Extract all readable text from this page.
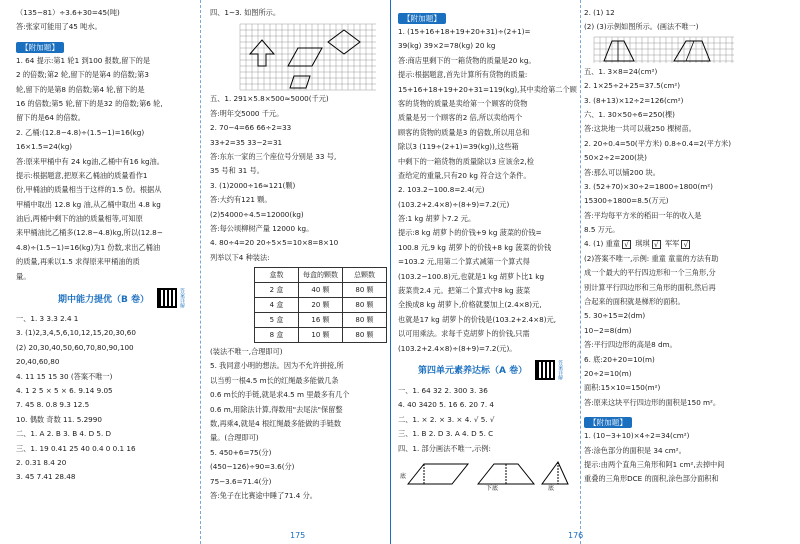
（135−81）÷3.6+30=45(吨)
答:张家可能用了45 吨水。
【附加题】
1. 64 提示:第1 轮1 到100 报数,留下的是
2 的倍数;第2 轮,留下的是第4 的倍数;第3
轮,留下的是第8 的倍数;第4 轮,留下的是
16 的倍数;第5 轮,留下的是32 的倍数;第6 轮,
留下的是64 的倍数。
2. 乙桶:(12.8−4.8)÷(1.5−1)=16(kg)
16×1.5=24(kg)
答:原来甲桶中有 24 kg油,乙桶中有16 kg油。
提示:根据题意,把原来乙桶油的质量看作1
份,甲桶油的质量相当于这样的1.5 份。根据从
甲桶中取出 12.8 kg 油,从乙桶中取出 4.8 kg
油后,两桶中剩下的油的质量相等,可知原
来甲桶油比乙桶多(12.8−4.8)kg,所以(12.8−
4.8)÷(1.5−1)=16(kg)为1 份数,求出乙桶油
的质量,再乘以1.5 求得原来甲桶油的质
量。
期中能力提优（B 卷）	答案详解
一、1. 3 3.3 2.4 1
3. (1)2,3,4,5,6,10,12,15,20,30,60
(2) 20,30,40,50,60,70,80,90,100
20,40,60,80
4. 11 15 15 30 (答案不唯一)
4. 1 2 5 × 5 × 6. 9.14 9.05
7. 45 8. 0.8 9.3 12.5
10. 偶数 奇数 11. 5.2990
二、1. A 2. B 3. B 4. D 5. D
三、1. 19 0.41 25 40 0.4 0 0.1 16
2. 0.31 8.4 20
3. 45 7.41 28.48
四、1~3. 如图所示。
五、1. 291×5.8×500≈5000(千元)
答:明年交5000 千元。
2. 70−4=66 66÷2=33
33+2=35 33−2=31
答:东东一家的三个座位号分别是 33 号,
35 号和 31 号。
3. (1)2000÷16≈121(颗)
答:大约有121 颗。
(2)54000÷4.5=12000(kg)
答:每公顷柳树产量 12000 kg。
4. 80÷4=20 20÷5×5=10×8=8×10
列举以下4 种装法:
盒数	每盒的颗数	总颗数
2 盒	40 颗	80 颗
4 盒	20 颗	80 颗
5 盒	16 颗	80 颗
8 盒	10 颗	80 颗
(装法不唯一,合理即可)
5. 我同意小明的想法。因为不允许拼接,所
以当剪一根4.5 m长的红绳最多能做几条
0.6 m长的手链,就是求4.5 m 里最多有几个
0.6 m,用除法计算,得数用"去尾法"保留整
数,再乘4,就是4 根红绳最多能做的手链数
量。(合理即可)
5. 450+6=75(分)
(450−126)÷90=3.6(分)
75−3.6=71.4(分)
答:兔子在比赛途中睡了71.4 分。
175
【附加题】
1. (15+16+18+19+20+31)÷(2+1)=
39(kg) 39×2=78(kg) 20 kg
答:商店里剩下的一箱货物的质量是20 kg。
提示:根据题意,首先计算所有货物的质量:
15+16+18+19+20+31=119(kg),其中卖给第二个顾
客的货物的质量是卖给第一个顾客的货物
质量是另一个顾客的2 倍,所以卖给两个
顾客的货物的质量是3 的倍数,所以用总和
除以3 (119÷(2+1)=39(kg)),这些箱
中剩下的一箱货物的质量除以3 应该余2,检
查给定的重量,只有20 kg 符合这个条件。
2. 103.2−100.8=2.4(元)
(103.2+2.4×8)÷(8+9)=7.2(元)
答:1 kg 胡萝卜7.2 元。
提示:8 kg 胡萝卜的价钱+9 kg 菠菜的价钱=
100.8 元,9 kg 胡萝卜的价钱+8 kg 菠菜的价钱
=103.2 元,用第二个算式减第一个算式得
(103.2−100.8)元,也就是1 kg 胡萝卜比1 kg
菠菜贵2.4 元。把第二个算式中8 kg 菠菜
全换成8 kg 胡萝卜,价格就要加上(2.4×8)元,
也就是17 kg 胡萝卜的价钱是(103.2+2.4×8)元,
以可用乘法。求每千克胡萝卜的价钱,只需
(103.2+2.4×8)÷(8+9)=7.2(元)。
第四单元素养达标（A 卷）	答案详解
一、1. 64 32 2. 300 3. 36
4. 40 3420 5. 16 6. 20 7. 4
二、1. × 2. × 3. × 4. √ 5. √
三、1. B 2. D 3. A 4. D 5. C
四、1. 部分画法不唯一,示例:
底
下底	底
176
2. (1) 12
(2) (3)示例如图所示。(画法不唯一)
五、1. 3×8=24(cm²)
2. 1×25÷2+25=37.5(cm²)
3. (8+13)×12÷2=126(cm²)
六、1. 30×50÷6=250(棵)
答:这块地一共可以栽250 棵树苗。
2. 20÷0.4=50(平方米) 0.8÷0.4=2(平方米)
50×2÷2=200(块)
答:那么可以铺200 块。
3. (52+70)×30÷2=1800÷1800(m²)
15300÷1800=8.5(万元)
答:平均每平方米的稻田一年的收入是
8.5 万元。
4. (1) 重童 √ 琪琪 √ 军军 √
(2)答案不唯一,示例: 重童 童童的方法有助
成一个最大的平行四边形和一个三角形,分
别计算平行四边形和三角形的面积,然后再
合起来的面积就是梯形的面积。
5. 30÷15=2(dm)
10−2=8(dm)
答:平行四边形的高是8 dm。
6. 底:20+20=10(m)
20÷2=10(m)
面积:15×10=150(m²)
答:原来这块平行四边形的面积是150 m²。
【附加题】
1. (10−3+10)×4÷2=34(cm²)
答:涂色部分的面积是 34 cm²。
提示:由两个直角三角形和阿1 cm²,去掉中间
重叠的三角形DCE 的面积,涂色部分面积和
